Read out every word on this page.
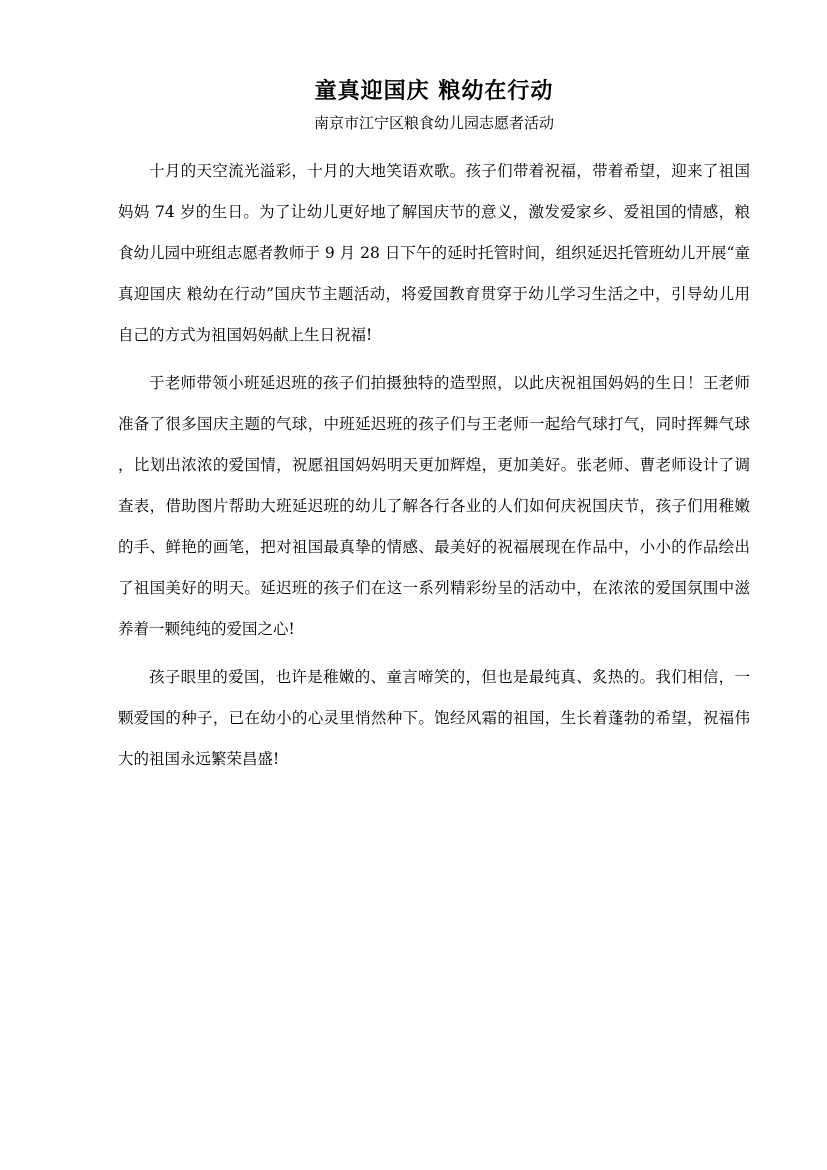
童真迎国庆 粮幼在行动
南京市江宁区粮食幼儿园志愿者活动

十月的天空流光溢彩，十月的大地笑语欢歌。孩子们带着祝福，带着希望，迎来了祖国妈妈 74 岁的生日。为了让幼儿更好地了解国庆节的意义，激发爱家乡、爱祖国的情感，粮食幼儿园中班组志愿者教师于 9 月 28 日下午的延时托管时间，组织延迟托管班幼儿开展“童真迎国庆 粮幼在行动”国庆节主题活动，将爱国教育贯穿于幼儿学习生活之中，引导幼儿用自己的方式为祖国妈妈献上生日祝福!

于老师带领小班延迟班的孩子们拍摄独特的造型照，以此庆祝祖国妈妈的生日！王老师准备了很多国庆主题的气球，中班延迟班的孩子们与王老师一起给气球打气，同时挥舞气球，比划出浓浓的爱国情，祝愿祖国妈妈明天更加辉煌，更加美好。张老师、曹老师设计了调查表，借助图片帮助大班延迟班的幼儿了解各行各业的人们如何庆祝国庆节，孩子们用稚嫩的手、鲜艳的画笔，把对祖国最真挚的情感、最美好的祝福展现在作品中，小小的作品绘出了祖国美好的明天。延迟班的孩子们在这一系列精彩纷呈的活动中，在浓浓的爱国氛围中滋养着一颗纯纯的爱国之心!

孩子眼里的爱国，也许是稚嫩的、童言啼笑的，但也是最纯真、炙热的。我们相信，一颗爱国的种子，已在幼小的心灵里悄然种下。饱经风霜的祖国，生长着蓬勃的希望，祝福伟大的祖国永远繁荣昌盛!
